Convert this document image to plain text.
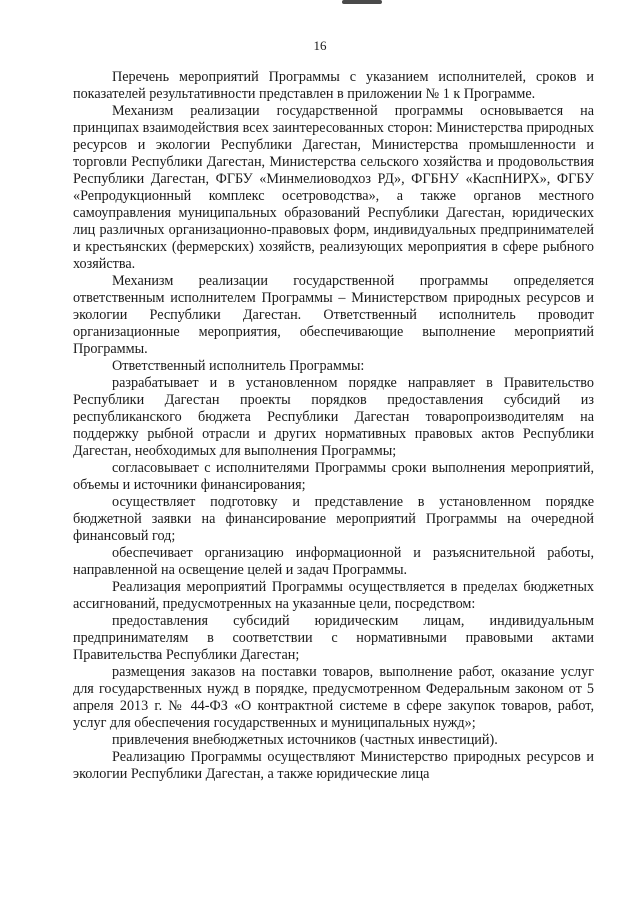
16

Перечень мероприятий Программы с указанием исполнителей, сроков и показателей результативности представлен в приложении № 1 к Программе.

Механизм реализации государственной программы основывается на принципах взаимодействия всех заинтересованных сторон: Министерства природных ресурсов и экологии Республики Дагестан, Министерства промышленности и торговли Республики Дагестан, Министерства сельского хозяйства и продовольствия Республики Дагестан, ФГБУ «Минмелиоводхоз РД», ФГБНУ «КаспНИРХ», ФГБУ «Репродукционный комплекс осетроводства», а также органов местного самоуправления муниципальных образований Республики Дагестан, юридических лиц различных организационно-правовых форм, индивидуальных предпринимателей и крестьянских (фермерских) хозяйств, реализующих мероприятия в сфере рыбного хозяйства.

Механизм реализации государственной программы определяется ответственным исполнителем Программы – Министерством природных ресурсов и экологии Республики Дагестан. Ответственный исполнитель проводит организационные мероприятия, обеспечивающие выполнение мероприятий Программы.

Ответственный исполнитель Программы:

разрабатывает и в установленном порядке направляет в Правительство Республики Дагестан проекты порядков предоставления субсидий из республиканского бюджета Республики Дагестан товаропроизводителям на поддержку рыбной отрасли и других нормативных правовых актов Республики Дагестан, необходимых для выполнения Программы;

согласовывает с исполнителями Программы сроки выполнения мероприятий, объемы и источники финансирования;

осуществляет подготовку и представление в установленном порядке бюджетной заявки на финансирование мероприятий Программы на очередной финансовый год;

обеспечивает организацию информационной и разъяснительной работы, направленной на освещение целей и задач Программы.

Реализация мероприятий Программы осуществляется в пределах бюджетных ассигнований, предусмотренных на указанные цели, посредством:

предоставления субсидий юридическим лицам, индивидуальным предпринимателям в соответствии с нормативными правовыми актами Правительства Республики Дагестан;

размещения заказов на поставки товаров, выполнение работ, оказание услуг для государственных нужд в порядке, предусмотренном Федеральным законом от 5 апреля 2013 г. № 44-ФЗ «О контрактной системе в сфере закупок товаров, работ, услуг для обеспечения государственных и муниципальных нужд»;

привлечения внебюджетных источников (частных инвестиций).

Реализацию Программы осуществляют Министерство природных ресурсов и экологии Республики Дагестан, а также юридические лица
